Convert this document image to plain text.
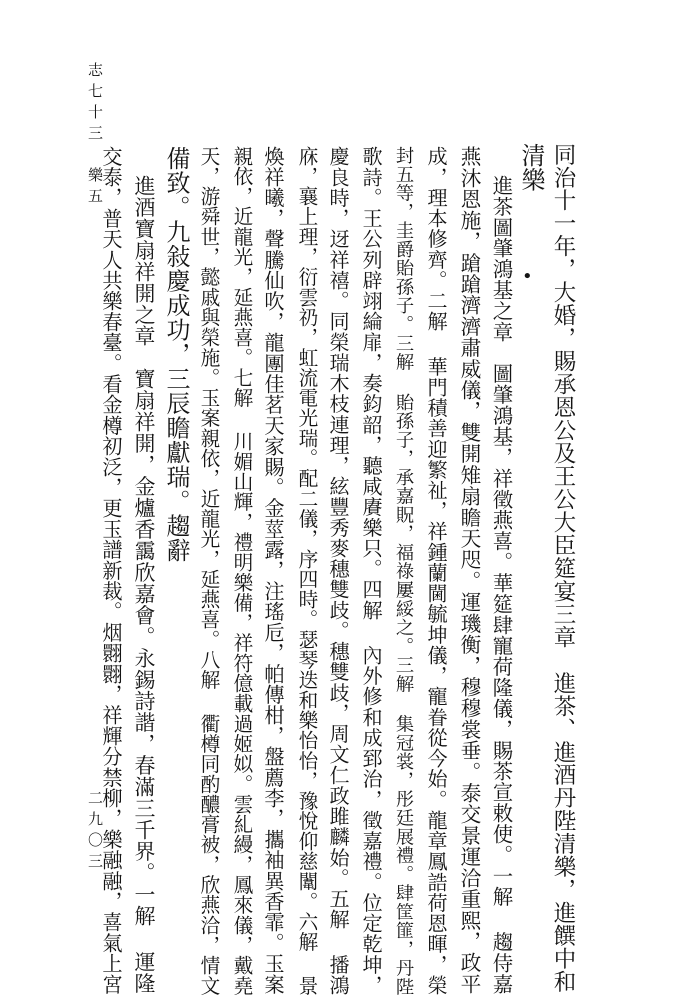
同治十一年，大婚，賜承恩公及王公大臣筵宴三章　進茶、進酒丹陛清樂，進饌中和
清樂
•
進茶圖肇鴻基之章　圖肇鴻基，祥徵燕喜。華筵肆寵荷隆儀，賜茶宣敕使。一解 趨侍嘉
燕沐恩施，蹌蹌濟濟肅威儀，雙開雉扇瞻天咫。運璣衡，穆穆裳垂。泰交景運洽重熙，政平
成，理本修齊。二解 華門積善迎繁祉，祥鍾蘭閫毓坤儀，寵眷從今始。龍章鳳誥荷恩暉，榮
封五等，圭爵貽孫子。三解 貽孫子，承嘉貺，福祿屢綏之。三解 集冠裳，彤廷展禮。肆筐篚，丹陛
歌詩。王公列辟翊綸扉，奏鈞韶，聽咸賡樂只。四解 內外修和成郅治，徵嘉禮。位定乾坤，
慶良時，迓祥禧。同榮瑞木枝連理，絃豐秀麥穗雙歧。穗雙歧，周文仁政雎麟始。五解 播鴻
庥，襄上理，衍雲礽，虹流電光瑞。配二儀，序四時。瑟琴迭和樂怡怡，豫悅仰慈闈。六解 景
煥祥曦，聲騰仙吹，龍團佳茗天家賜。金莖露，注瑤卮，帕傳柑，盤薦李，攜袖異香霏。玉案
親依，近龍光，延燕喜。七解 川媚山輝，禮明樂備，祥符億載過姬姒。雲糺縵，鳳來儀，戴堯
天，游舜世，懿戚與榮施。玉案親依，近龍光，延燕喜。八解 衢樽同酌醲膏被，欣燕洽，情文
備致。九敍慶成功，三辰瞻獻瑞。趨辭
進酒寶扇祥開之章　寶扇祥開，金爐香靄欣嘉會。永錫詩諧，春滿三千界。一解 運隆
交泰，普天人共樂春臺。看金樽初泛，更玉譜新裁。烟翾翾，祥輝分禁柳，樂融融，喜氣上宮
志七十三　樂五
二九〇三
